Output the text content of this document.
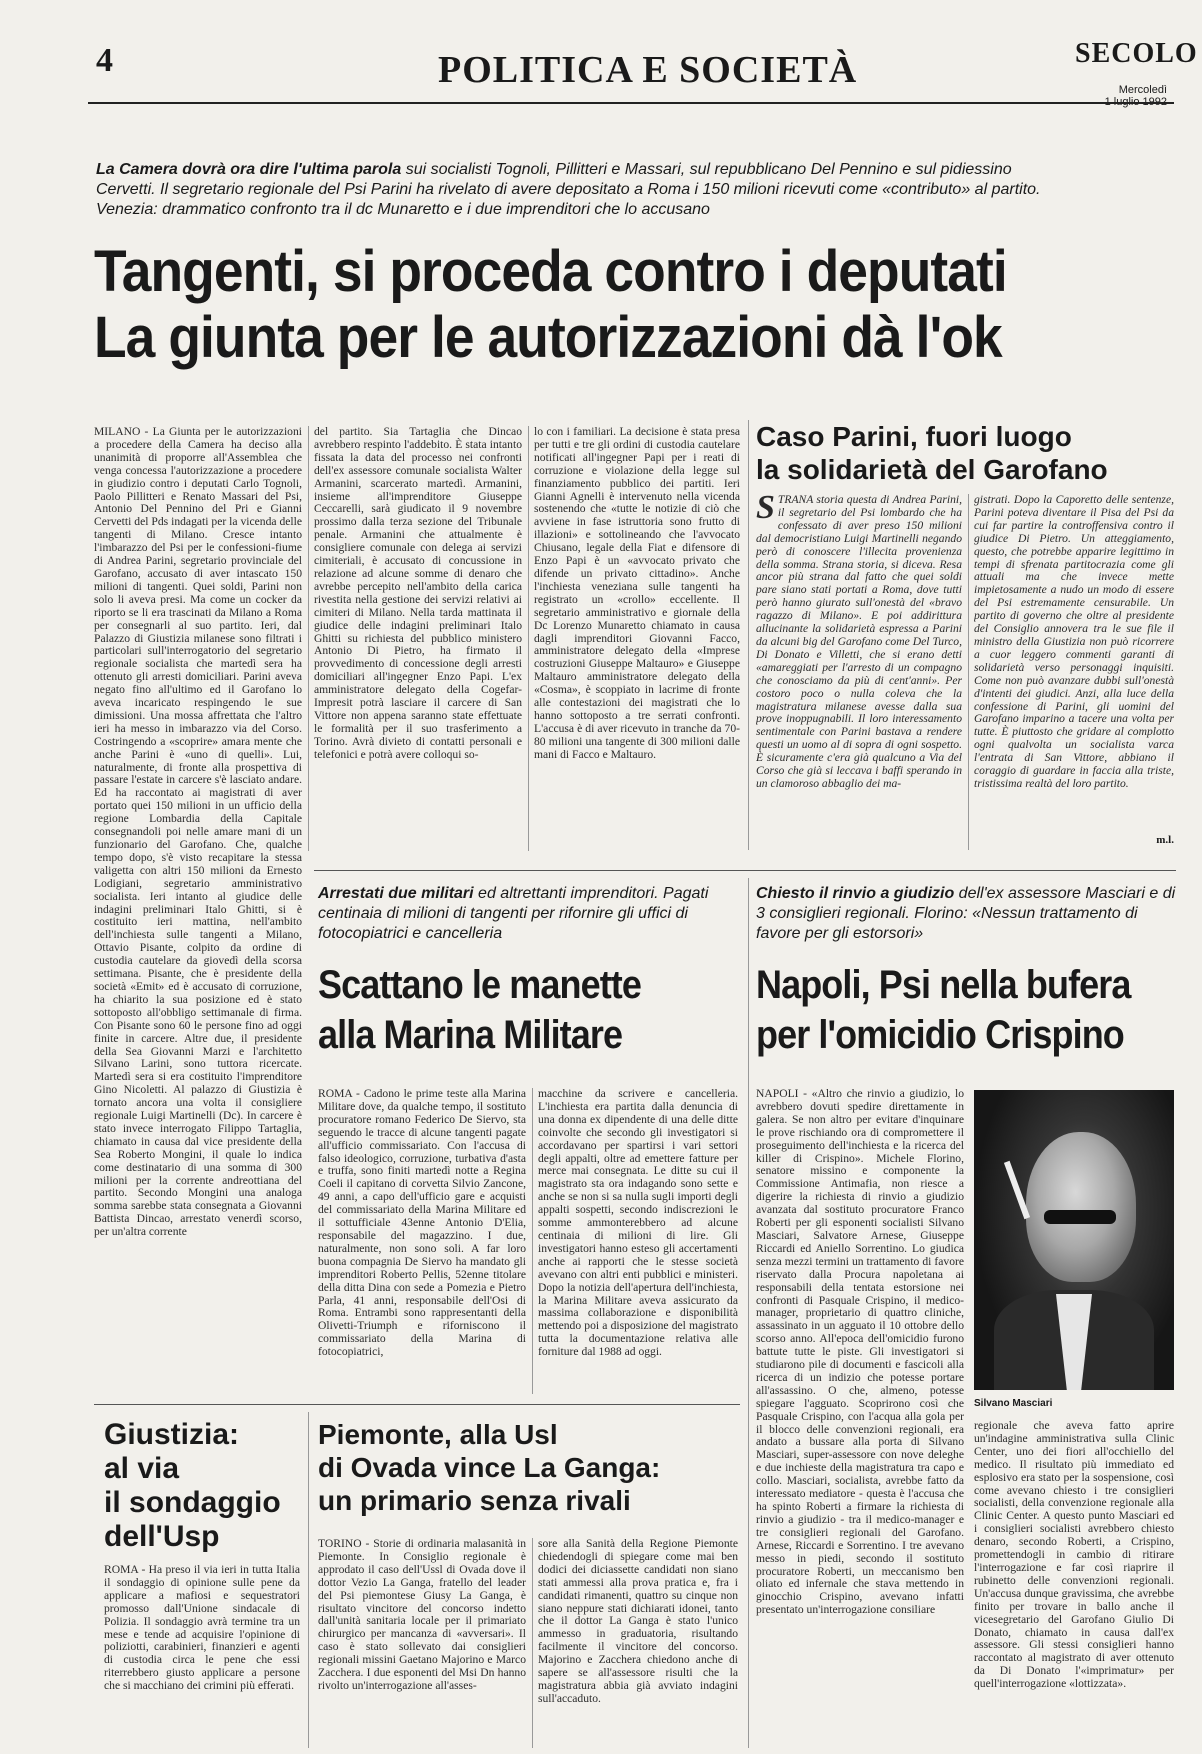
4	POLITICA E SOCIETÀ	SECOLO
Mercoledì
La Camera dovrà ora dire l'ultima parola sui socialisti Tognoli, Pillitteri e Massari, sul repubblicano Del Pennino e sul pidiessino Cervetti. Il segretario regionale del Psi Parini ha rivelato di avere depositato a Roma i 150 milioni ricevuti come «contributo» al partito. Venezia: drammatico confronto tra il dc Munaretto e i due imprenditori che lo accusano
Tangenti, si proceda contro i deputati
La giunta per le autorizzazioni dà l'ok
MILANO - La Giunta per le autorizzazioni a procedere della Camera ha deciso alla unanimità di proporre all'Assemblea che venga concessa l'autorizzazione a procedere in giudizio contro i deputati Carlo Tognoli, Paolo Pillitteri e Renato Massari del Psi, Antonio Del Pennino del Pri e Gianni Cervetti del Pds indagati per la vicenda delle tangenti di Milano. Cresce intanto l'imbarazzo del Psi per le confessioni-fiume di Andrea Parini, segretario provinciale del Garofano, accusato di aver intascato 150 milioni di tangenti. Quei soldi, Parini non solo li aveva presi. Ma come un cocker da riporto se li era trascinati da Milano a Roma per consegnarli al suo partito. Ieri, dal Palazzo di Giustizia milanese sono filtrati i particolari sull'interrogatorio del segretario regionale socialista che martedì sera ha ottenuto gli arresti domiciliari. Parini aveva negato fino all'ultimo ed il Garofano lo aveva incaricato respingendo le sue dimissioni. Una mossa affrettata che l'altro ieri ha messo in imbarazzo via del Corso. Costringendo a «scoprire» amara mente che anche Parini è «uno di quelli». Lui, naturalmente, di fronte alla prospettiva di passare l'estate in carcere s'è lasciato andare. Ed ha raccontato ai magistrati di aver portato quei 150 milioni in un ufficio della regione Lombardia della Capitale consegnandoli poi nelle amare mani di un funzionario del Garofano. Che, qualche tempo dopo, s'è visto recapitare la stessa valigetta con altri 150 milioni da Ernesto Lodigiani, segretario amministrativo socialista. Ieri intanto al giudice delle indagini preliminari Italo Ghitti, si è costituito ieri mattina, nell'ambito dell'inchiesta sulle tangenti a Milano, Ottavio Pisante, colpito da ordine di custodia cautelare da giovedì della scorsa settimana. Pisante, che è presidente della società «Emit» ed è accusato di corruzione, ha chiarito la sua posizione ed è stato sottoposto all'obbligo settimanale di firma. Con Pisante sono 60 le persone fino ad oggi finite in carcere. Altre due, il presidente della Sea Giovanni Marzi e l'architetto Silvano Larini, sono tuttora ricercate. Martedì sera si era costituito l'imprenditore Gino Nicoletti. Al palazzo di Giustizia è tornato ancora una volta il consigliere regionale Luigi Martinelli (Dc). In carcere è stato invece interrogato Filippo Tartaglia, chiamato in causa dal vice presidente della Sea Roberto Mongini, il quale lo indica come destinatario di una somma di 300 milioni per la corrente andreottiana del partito. Secondo Mongini una analoga somma sarebbe stata consegnata a Giovanni Battista Dincao, arrestato venerdì scorso, per un'altra corrente
del partito. Sia Tartaglia che Dincao avrebbero respinto l'addebito. È stata intanto fissata la data del processo nei confronti dell'ex assessore comunale socialista Walter Armanini, scarcerato martedì. Armanini, insieme all'imprenditore Giuseppe Ceccarelli, sarà giudicato il 9 novembre prossimo dalla terza sezione del Tribunale penale. Armanini che attualmente è consigliere comunale con delega ai servizi cimiteriali, è accusato di concussione in relazione ad alcune somme di denaro che avrebbe percepito nell'ambito della carica rivestita nella gestione dei servizi relativi ai cimiteri di Milano. Nella tarda mattinata il giudice delle indagini preliminari Italo Ghitti su richiesta del pubblico ministero Antonio Di Pietro, ha firmato il provvedimento di concessione degli arresti domiciliari all'ingegner Enzo Papi. L'ex amministratore delegato della Cogefar-Impresit potrà lasciare il carcere di San Vittore non appena saranno state effettuate le formalità per il suo trasferimento a Torino. Avrà divieto di contatti personali e telefonici e potrà avere colloqui so-
lo con i familiari. La decisione è stata presa per tutti e tre gli ordini di custodia cautelare notificati all'ingegner Papi per i reati di corruzione e violazione della legge sul finanziamento pubblico dei partiti. Ieri Gianni Agnelli è intervenuto nella vicenda sostenendo che «tutte le notizie di ciò che avviene in fase istruttoria sono frutto di illazioni» e sottolineando che l'avvocato Chiusano, legale della Fiat e difensore di Enzo Papi è un «avvocato privato che difende un privato cittadino». Anche l'inchiesta veneziana sulle tangenti ha registrato un «crollo» eccellente. Il segretario amministrativo e giornale della Dc Lorenzo Munaretto chiamato in causa dagli imprenditori Giovanni Facco, amministratore delegato della «Imprese costruzioni Giuseppe Maltauro» e Giuseppe Maltauro amministratore delegato della «Cosma», è scoppiato in lacrime di fronte alle contestazioni dei magistrati che lo hanno sottoposto a tre serrati confronti. L'accusa è di aver ricevuto in tranche da 70-80 milioni una tangente di 300 milioni dalle mani di Facco e Maltauro.
Caso Parini, fuori luogo
la solidarietà del Garofano
STRANA storia questa di Andrea Parini, il segretario del Psi lombardo che ha confessato di aver preso 150 milioni dal democristiano Luigi Martinelli negando però di conoscere l'illecita provenienza della somma. Strana storia, si diceva. Resa ancor più strana dal fatto che quei soldi pare siano stati portati a Roma, dove tutti però hanno giurato sull'onestà del «bravo ragazzo di Milano». E poi addirittura allucinante la solidarietà espressa a Parini da alcuni big del Garofano come Del Turco, Di Donato e Villetti, che si erano detti «amareggiati per l'arresto di un compagno che conosciamo da più di cent'anni». Per costoro poco o nulla coleva che la magistratura milanese avesse dalla sua prove inoppugnabili. Il loro interessamento sentimentale con Parini bastava a rendere questi un uomo al di sopra di ogni sospetto. È sicuramente c'era già qualcuno a Via del Corso che già si leccava i baffi sperando in un clamoroso abbaglio dei ma-
gistrati. Dopo la Caporetto delle sentenze, Parini poteva diventare il Pisa del Psi da cui far partire la controffensiva contro il giudice Di Pietro. Un atteggiamento, questo, che potrebbe apparire legittimo in tempi di sfrenata partitocrazia come gli attuali ma che invece mette impietosamente a nudo un modo di essere del Psi estremamente censurabile. Un partito di governo che oltre al presidente del Consiglio annovera tra le sue file il ministro della Giustizia non può ricorrere a cuor leggero commenti garanti di solidarietà verso personaggi inquisiti. Come non può avanzare dubbi sull'onestà d'intenti dei giudici. Anzi, alla luce della confessione di Parini, gli uomini del Garofano imparino a tacere una volta per tutte. È piuttosto che gridare al complotto ogni qualvolta un socialista varca l'entrata di San Vittore, abbiano il coraggio di guardare in faccia alla triste, tristissima realtà del loro partito.
m.l.
Arrestati due militari ed altrettanti imprenditori. Pagati centinaia di milioni di tangenti per rifornire gli uffici di fotocopiatrici e cancelleria
Scattano le manette
alla Marina Militare
ROMA - Cadono le prime teste alla Marina Militare dove, da qualche tempo, il sostituto procuratore romano Federico De Siervo, sta seguendo le tracce di alcune tangenti pagate all'ufficio commissariato. Con l'accusa di falso ideologico, corruzione, turbativa d'asta e truffa, sono finiti martedì notte a Regina Coeli il capitano di corvetta Silvio Zancone, 49 anni, a capo dell'ufficio gare e acquisti del commissariato della Marina Militare ed il sottufficiale 43enne Antonio D'Elia, responsabile del magazzino. I due, naturalmente, non sono soli. A far loro buona compagnia De Siervo ha mandato gli imprenditori Roberto Pellis, 52enne titolare della ditta Dina con sede a Pomezia e Pietro Parla, 41 anni, responsabile dell'Osi di Roma. Entrambi sono rappresentanti della Olivetti-Triumph e riforniscono il commissariato della Marina di fotocopiatrici,
macchine da scrivere e cancelleria. L'inchiesta era partita dalla denuncia di una donna ex dipendente di una delle ditte coinvolte che secondo gli investigatori si accordavano per spartirsi i vari settori degli appalti, oltre ad emettere fatture per merce mai consegnata. Le ditte su cui il magistrato sta ora indagando sono sette e anche se non si sa nulla sugli importi degli appalti sospetti, secondo indiscrezioni le somme ammonterebbero ad alcune centinaia di milioni di lire. Gli investigatori hanno esteso gli accertamenti anche ai rapporti che le stesse società avevano con altri enti pubblici e ministeri. Dopo la notizia dell'apertura dell'inchiesta, la Marina Militare aveva assicurato da massima collaborazione e disponibilità mettendo poi a disposizione del magistrato tutta la documentazione relativa alle forniture dal 1988 ad oggi.
Chiesto il rinvio a giudizio dell'ex assessore Masciari e di 3 consiglieri regionali. Florino: «Nessun trattamento di favore per gli estorsori»
Napoli, Psi nella bufera
per l'omicidio Crispino
NAPOLI - «Altro che rinvio a giudizio, lo avrebbero dovuti spedire direttamente in galera. Se non altro per evitare d'inquinare le prove rischiando ora di compromettere il proseguimento dell'inchiesta e la ricerca del killer di Crispino». Michele Florino, senatore missino e componente la Commissione Antimafia, non riesce a digerire la richiesta di rinvio a giudizio avanzata dal sostituto procuratore Franco Roberti per gli esponenti socialisti Silvano Masciari, Salvatore Arnese, Giuseppe Riccardi ed Aniello Sorrentino. Lo giudica senza mezzi termini un trattamento di favore riservato dalla Procura napoletana ai responsabili della tentata estorsione nei confronti di Pasquale Crispino, il medico-manager, proprietario di quattro cliniche, assassinato in un agguato il 10 ottobre dello scorso anno. All'epoca dell'omicidio furono battute tutte le piste. Gli investigatori si studiarono pile di documenti e fascicoli alla ricerca di un indizio che potesse portare all'assassino. O che, almeno, potesse spiegare l'agguato. Scoprirono così che Pasquale Crispino, con l'acqua alla gola per il blocco delle convenzioni regionali, era andato a bussare alla porta di Silvano Masciari, super-assessore con nove deleghe e due inchieste della magistratura tra capo e collo. Masciari, socialista, avrebbe fatto da interessato mediatore - questa è l'accusa che ha spinto Roberti a firmare la richiesta di rinvio a giudizio - tra il medico-manager e tre consiglieri regionali del Garofano. Arnese, Riccardi e Sorrentino. I tre avevano messo in piedi, secondo il sostituto procuratore Roberti, un meccanismo ben oliato ed infernale che stava mettendo in ginocchio Crispino, avevano infatti presentato un'interrogazione consiliare
Silvano Masciari
regionale che aveva fatto aprire un'indagine amministrativa sulla Clinic Center, uno dei fiori all'occhiello del medico. Il risultato più immediato ed esplosivo era stato per la sospensione, così come avevano chiesto i tre consiglieri socialisti, della convenzione regionale alla Clinic Center. A questo punto Masciari ed i consiglieri socialisti avrebbero chiesto denaro, secondo Roberti, a Crispino, promettendogli in cambio di ritirare l'interrogazione e far così riaprire il rubinetto delle convenzioni regionali. Un'accusa dunque gravissima, che avrebbe finito per trovare in ballo anche il vicesegretario del Garofano Giulio Di Donato, chiamato in causa dall'ex assessore. Gli stessi consiglieri hanno raccontato al magistrato di aver ottenuto da Di Donato l'«imprimatur» per quell'interrogazione «lottizzata».
Giustizia:
al via
il sondaggio
dell'Usp
ROMA - Ha preso il via ieri in tutta Italia il sondaggio di opinione sulle pene da applicare a mafiosi e sequestratori promosso dall'Unione sindacale di Polizia. Il sondaggio avrà termine tra un mese e tende ad acquisire l'opinione di poliziotti, carabinieri, finanzieri e agenti di custodia circa le pene che essi riterrebbero giusto applicare a persone che si macchiano dei crimini più efferati.
Piemonte, alla Usl
di Ovada vince La Ganga:
un primario senza rivali
TORINO - Storie di ordinaria malasanità in Piemonte. In Consiglio regionale è approdato il caso dell'Ussl di Ovada dove il dottor Vezio La Ganga, fratello del leader del Psi piemontese Giusy La Ganga, è risultato vincitore del concorso indetto dall'unità sanitaria locale per il primariato chirurgico per mancanza di «avversari». Il caso è stato sollevato dai consiglieri regionali missini Gaetano Majorino e Marco Zacchera. I due esponenti del Msi Dn hanno rivolto un'interrogazione all'asses-
sore alla Sanità della Regione Piemonte chiedendogli di spiegare come mai ben dodici dei diciassette candidati non siano stati ammessi alla prova pratica e, fra i candidati rimanenti, quattro su cinque non siano neppure stati dichiarati idonei, tanto che il dottor La Ganga è stato l'unico ammesso in graduatoria, risultando facilmente il vincitore del concorso. Majorino e Zacchera chiedono anche di sapere se all'assessore risulti che la magistratura abbia già avviato indagini sull'accaduto.
